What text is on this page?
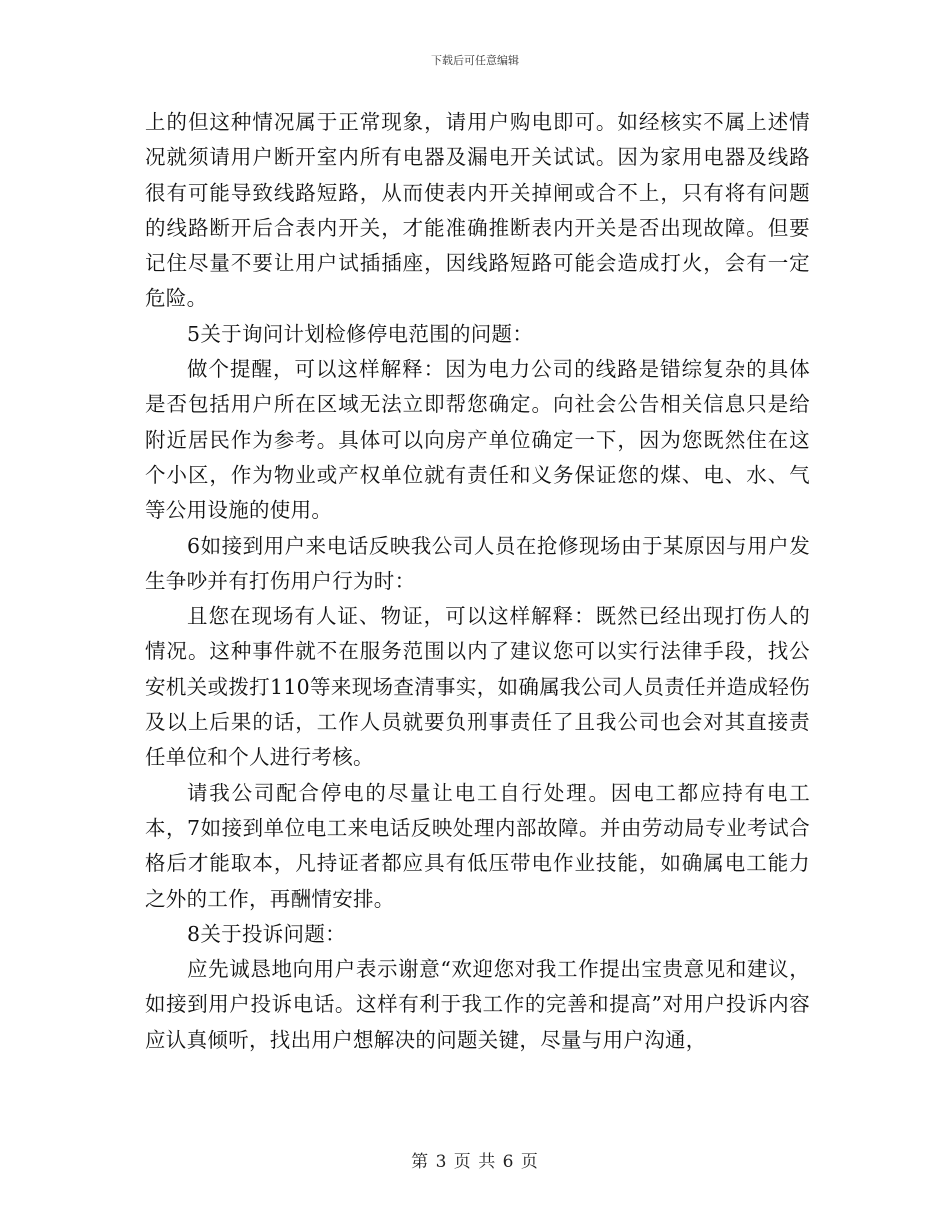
下载后可任意编辑

上的但这种情况属于正常现象，请用户购电即可。如经核实不属上述情况就须请用户断开室内所有电器及漏电开关试试。因为家用电器及线路很有可能导致线路短路，从而使表内开关掉闸或合不上，只有将有问题的线路断开后合表内开关，才能准确推断表内开关是否出现故障。但要记住尽量不要让用户试插插座，因线路短路可能会造成打火，会有一定危险。

5关于询问计划检修停电范围的问题：

做个提醒，可以这样解释：因为电力公司的线路是错综复杂的具体是否包括用户所在区域无法立即帮您确定。向社会公告相关信息只是给附近居民作为参考。具体可以向房产单位确定一下，因为您既然住在这个小区，作为物业或产权单位就有责任和义务保证您的煤、电、水、气等公用设施的使用。

6如接到用户来电话反映我公司人员在抢修现场由于某原因与用户发生争吵并有打伤用户行为时：

且您在现场有人证、物证，可以这样解释：既然已经出现打伤人的情况。这种事件就不在服务范围以内了建议您可以实行法律手段，找公安机关或拨打110等来现场查清事实，如确属我公司人员责任并造成轻伤及以上后果的话，工作人员就要负刑事责任了且我公司也会对其直接责任单位和个人进行考核。

请我公司配合停电的尽量让电工自行处理。因电工都应持有电工本，7如接到单位电工来电话反映处理内部故障。并由劳动局专业考试合格后才能取本，凡持证者都应具有低压带电作业技能，如确属电工能力之外的工作，再酬情安排。

8关于投诉问题：

应先诚恳地向用户表示谢意“欢迎您对我工作提出宝贵意见和建议，如接到用户投诉电话。这样有利于我工作的完善和提高”对用户投诉内容应认真倾听，找出用户想解决的问题关键，尽量与用户沟通，

第 3 页 共 6 页
